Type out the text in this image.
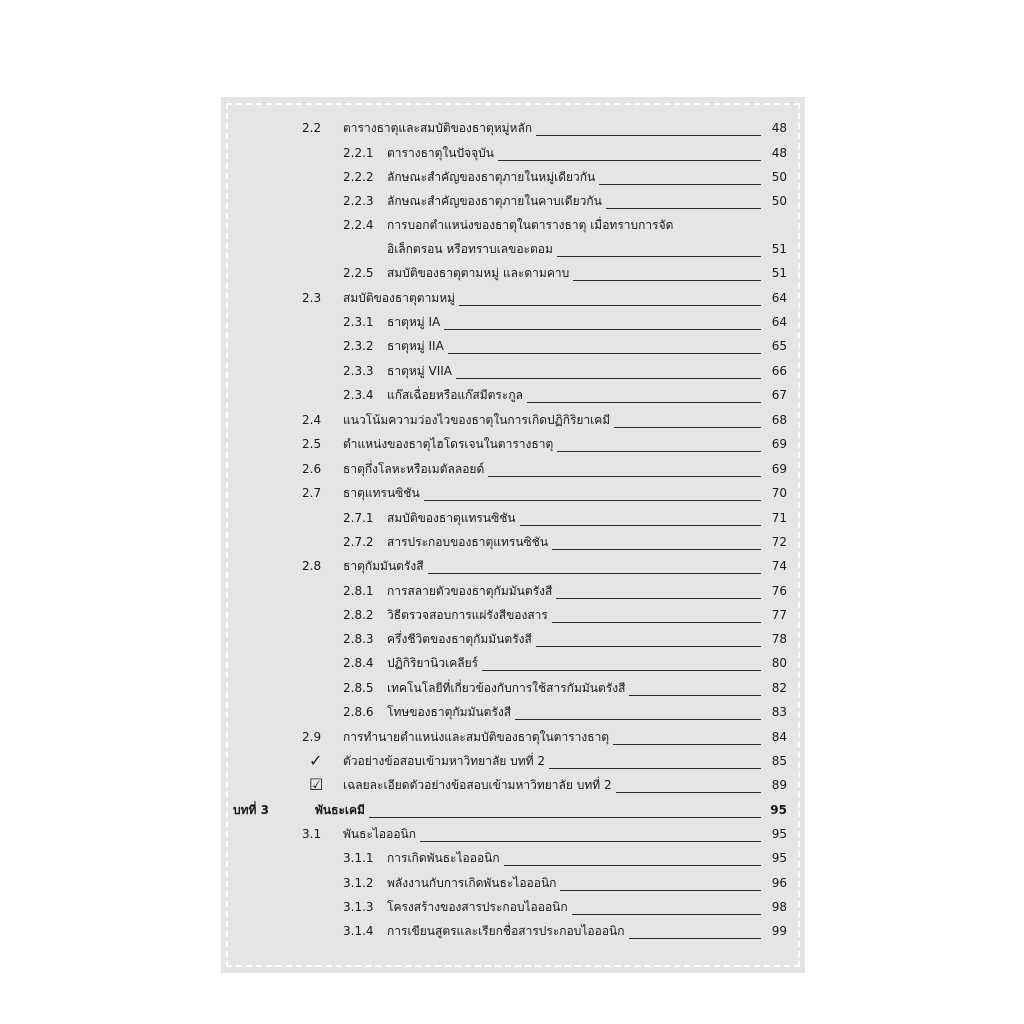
2.2 ตารางธาตุและสมบัติของธาตุหมู่หลัก	48
2.2.1 ตารางธาตุในปัจจุบัน	48
2.2.2 ลักษณะสำคัญของธาตุภายในหมู่เดียวกัน	50
2.2.3 ลักษณะสำคัญของธาตุภายในคาบเดียวกัน	50
2.2.4 การบอกตำแหน่งของธาตุในตารางธาตุ เมื่อทราบการจัด
อิเล็กตรอน หรือทราบเลขอะตอม	51
2.2.5 สมบัติของธาตุตามหมู่ และตามคาบ	51
2.3 สมบัติของธาตุตามหมู่	64
2.3.1 ธาตุหมู่ IA	64
2.3.2 ธาตุหมู่ IIA	65
2.3.3 ธาตุหมู่ VIIA	66
2.3.4 แก๊สเฉื่อยหรือแก๊สมีตระกูล	67
2.4 แนวโน้มความว่องไวของธาตุในการเกิดปฏิกิริยาเคมี	68
2.5 ตำแหน่งของธาตุไฮโดรเจนในตารางธาตุ	69
2.6 ธาตุกึ่งโลหะหรือเมตัลลอยด์	69
2.7 ธาตุแทรนซิชัน	70
2.7.1 สมบัติของธาตุแทรนซิชัน	71
2.7.2 สารประกอบของธาตุแทรนซิชัน	72
2.8 ธาตุกัมมันตรังสี	74
2.8.1 การสลายตัวของธาตุกัมมันตรังสี	76
2.8.2 วิธีตรวจสอบการแผ่รังสีของสาร	77
2.8.3 ครึ่งชีวิตของธาตุกัมมันตรังสี	78
2.8.4 ปฏิกิริยานิวเคลียร์	80
2.8.5 เทคโนโลยีที่เกี่ยวข้องกับการใช้สารกัมมันตรังสี	82
2.8.6 โทษของธาตุกัมมันตรังสี	83
2.9 การทำนายตำแหน่งและสมบัติของธาตุในตารางธาตุ	84
✓ ตัวอย่างข้อสอบเข้ามหาวิทยาลัย บทที่ 2	85
☑ เฉลยละเอียดตัวอย่างข้อสอบเข้ามหาวิทยาลัย บทที่ 2	89
บทที่ 3	พันธะเคมี	95
3.1 พันธะไอออนิก	95
3.1.1 การเกิดพันธะไอออนิก	95
3.1.2 พลังงานกับการเกิดพันธะไอออนิก	96
3.1.3 โครงสร้างของสารประกอบไอออนิก	98
3.1.4 การเขียนสูตรและเรียกชื่อสารประกอบไอออนิก	99
